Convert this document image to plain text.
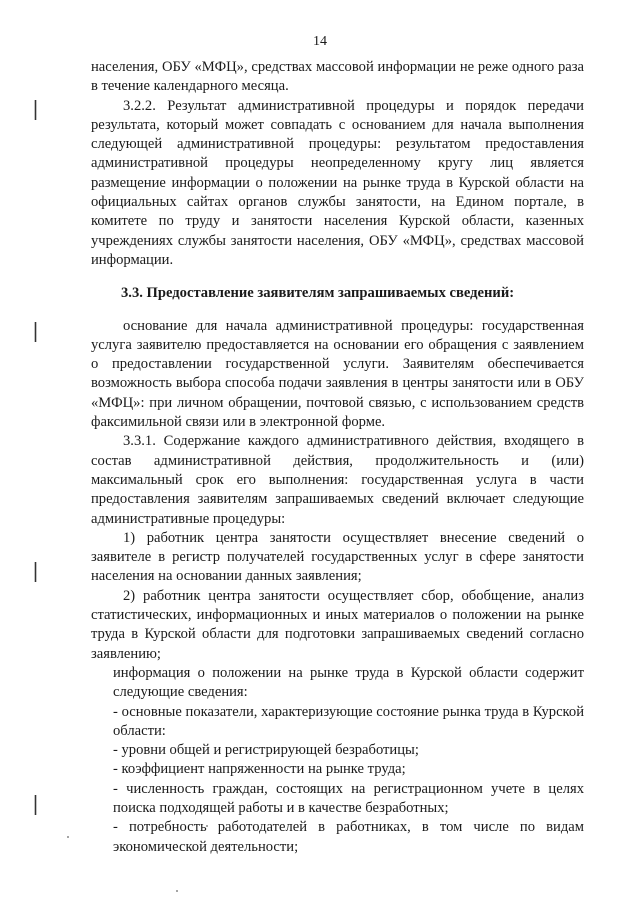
14

населения, ОБУ «МФЦ», средствах массовой информации не реже одного раза в течение календарного месяца.

3.2.2. Результат административной процедуры и порядок передачи результата, который может совпадать с основанием для начала выполнения следующей административной процедуры: результатом предоставления административной процедуры неопределенному кругу лиц является размещение информации о положении на рынке труда в Курской области на официальных сайтах органов службы занятости, на Едином портале, в комитете по труду и занятости населения Курской области, казенных учреждениях службы занятости населения, ОБУ «МФЦ», средствах массовой информации.

3.3. Предоставление заявителям запрашиваемых сведений:

основание для начала административной процедуры: государственная услуга заявителю предоставляется на основании его обращения с заявлением о предоставлении государственной услуги. Заявителям обеспечивается возможность выбора способа подачи заявления в центры занятости или в ОБУ «МФЦ»: при личном обращении, почтовой связью, с использованием средств факсимильной связи или в электронной форме.

3.3.1. Содержание каждого административного действия, входящего в состав административной действия, продолжительность и (или) максимальный срок его выполнения: государственная услуга в части предоставления заявителям запрашиваемых сведений включает следующие административные процедуры:

1) работник центра занятости осуществляет внесение сведений о заявителе в регистр получателей государственных услуг в сфере занятости населения на основании данных заявления;

2) работник центра занятости осуществляет сбор, обобщение, анализ статистических, информационных и иных материалов о положении на рынке труда в Курской области для подготовки запрашиваемых сведений согласно заявлению;

информация о положении на рынке труда в Курской области содержит следующие сведения:

- основные показатели, характеризующие состояние рынка труда в Курской области:

- уровни общей и регистрирующей безработицы;

- коэффициент напряженности на рынке труда;

- численность граждан, состоящих на регистрационном учете в целях поиска подходящей работы и в качестве безработных;

- потребность работодателей в работниках, в том числе по видам экономической деятельности;
